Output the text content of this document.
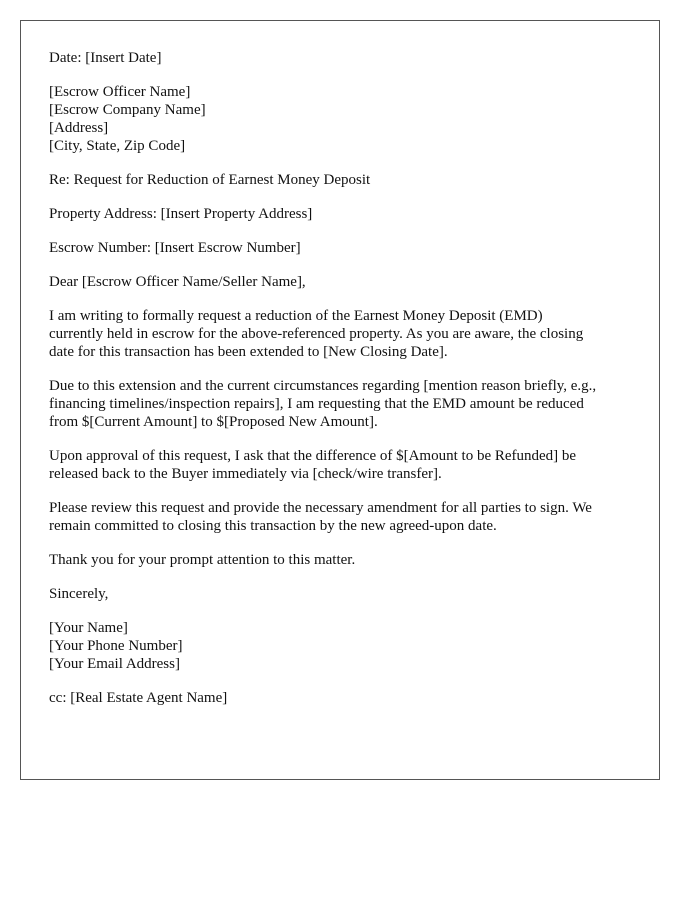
Date: [Insert Date]
[Escrow Officer Name]
[Escrow Company Name]
[Address]
[City, State, Zip Code]
Re: Request for Reduction of Earnest Money Deposit
Property Address: [Insert Property Address]
Escrow Number: [Insert Escrow Number]
Dear [Escrow Officer Name/Seller Name],
I am writing to formally request a reduction of the Earnest Money Deposit (EMD)
currently held in escrow for the above-referenced property. As you are aware, the closing
date for this transaction has been extended to [New Closing Date].
Due to this extension and the current circumstances regarding [mention reason briefly, e.g.,
financing timelines/inspection repairs], I am requesting that the EMD amount be reduced
from $[Current Amount] to $[Proposed New Amount].
Upon approval of this request, I ask that the difference of $[Amount to be Refunded] be
released back to the Buyer immediately via [check/wire transfer].
Please review this request and provide the necessary amendment for all parties to sign. We
remain committed to closing this transaction by the new agreed-upon date.
Thank you for your prompt attention to this matter.
Sincerely,
[Your Name]
[Your Phone Number]
[Your Email Address]
cc: [Real Estate Agent Name]
